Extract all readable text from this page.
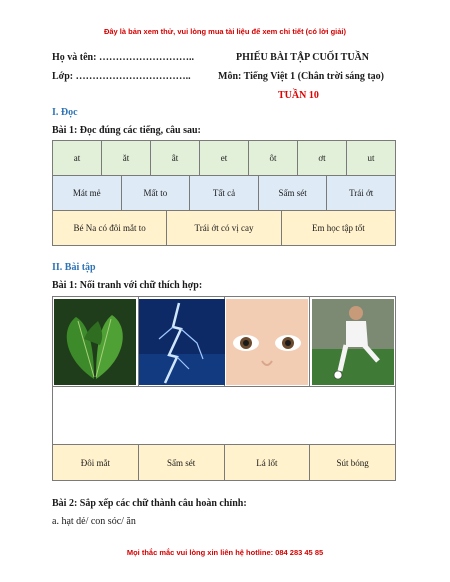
Đây là bản xem thử, vui lòng mua tài liệu để xem chi tiết (có lời giải)
Họ và tên: ………………………..	PHIẾU BÀI TẬP CUỐI TUẦN
Lớp: ……………………………..	Môn: Tiếng Việt 1 (Chân trời sáng tạo)
TUẦN 10
I. Đọc
Bài 1: Đọc đúng các tiếng, câu sau:
at	ăt	ât	et	ôt	ơt	ut
Mát mẻ	Mất to	Tất cả	Sấm sét	Trái ớt
Bé Na có đôi mắt to	Trái ớt có vị cay	Em học tập tốt
II. Bài tập
Bài 1: Nối tranh với chữ thích hợp:

Đôi mắt	Sấm sét	Lá lốt	Sút bóng
Bài 2: Sắp xếp các chữ thành câu hoàn chỉnh:
a. hạt dẻ/ con sóc/ ăn
Mọi thắc mắc vui lòng xin liên hệ hotline: 084 283 45 85
